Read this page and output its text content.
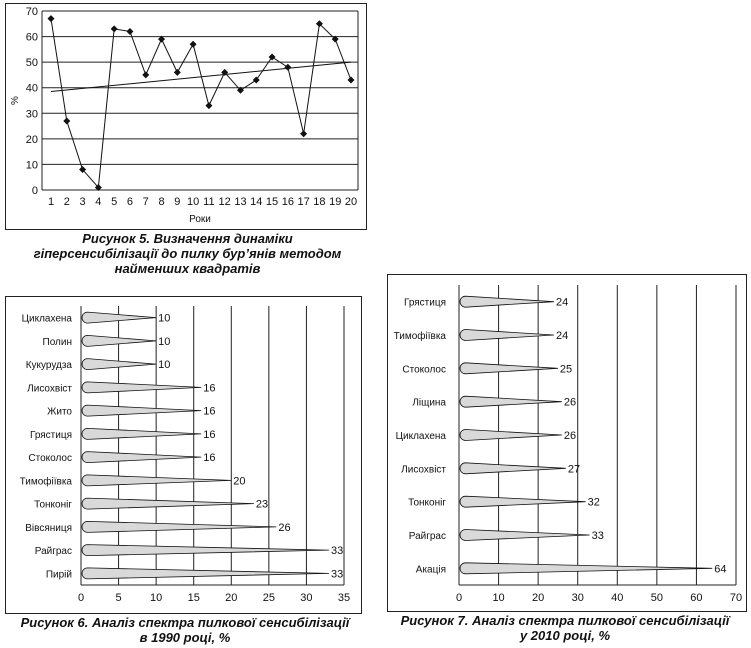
0
10
20
30
40
50
60
70
1 2 3 4 5 6 7 8 9 10 11 12 13 14 15 16 17 18 19 20
Роки
%
Рисунок 5. Визначення динаміки
гіперсенсибілізації до пилку бур’янів методом
найменших квадратів
0	5	10 15 20 25 30 35
Циклахена	10
Полин	10
Кукурудза	10
Лисохвіст	16
Жито	16
Грястиця	16
Стоколос	16
Тимофіївка	20
Тонконіг	23
Вівсяниця	26
Райграс	33
Пирій	33
Рисунок 6. Аналіз спектра пилкової сенсибілізації
в 1990 році, %
0	10 20 30 40 50 60 70
Грястиця	24
Тимофіївка	24
Стоколос	25
Ліщина	26
Циклахена	26
Лисохвіст	27
Тонконіг	32
Райграс	33
Акація	64
Рисунок 7. Аналіз спектра пилкової сенсибілізації
у 2010 році, %
